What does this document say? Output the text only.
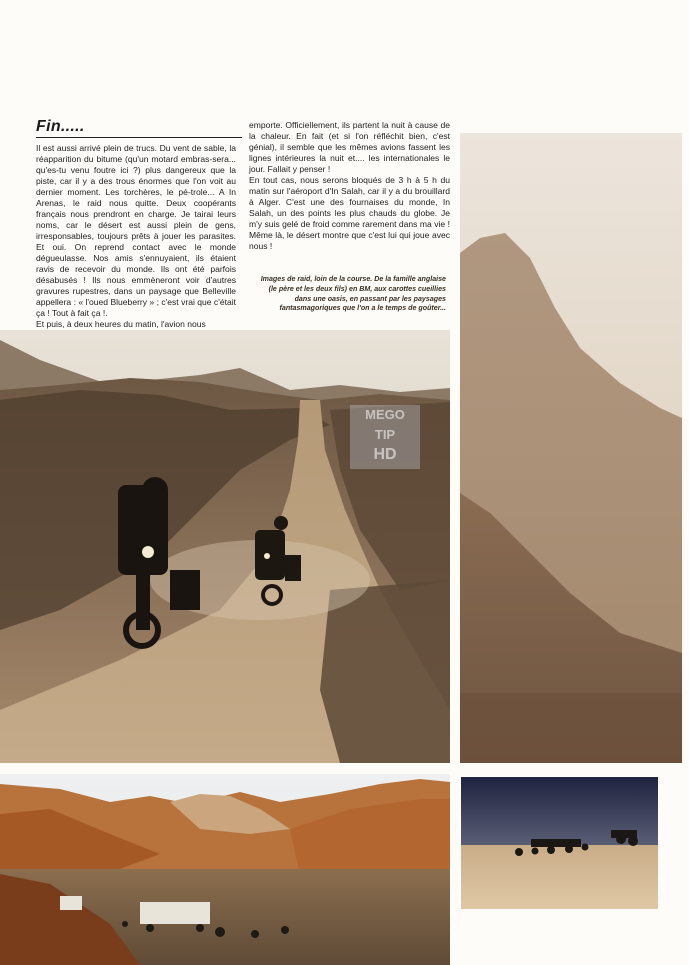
Fin.....
Il est aussi arrivé plein de trucs. Du vent de sable, la réapparition du bitume (qu'un motard embras-sera... qu'es-tu venu foutre ici ?) plus dangereux que la piste, car il y a des trous énormes que l'on voit au dernier moment. Les torchères, le pé-trole... A In Arenas, le raid nous quitte. Deux coopérants français nous prendront en charge. Je tairai leurs noms, car le désert est aussi plein de gens, irresponsables, toujours prêts à jouer les parasites. Et oui. On reprend contact avec le monde dégueulasse. Nos amis s'ennuyaient, ils étaient ravis de recevoir du monde. Ils ont été parfois désabusés ! Ils nous emmèneront voir d'autres gravures rupestres, dans un paysage que Belleville appellera : « l'oued Blueberry » ; c'est vrai que c'était ça ! Tout à fait ça !.
Et puis, à deux heures du matin, l'avion nous
emporte. Officiellement, ils partent la nuit à cause de la chaleur. En fait (et si l'on réfléchit bien, c'est génial), il semble que les mêmes avions fassent les lignes intérieures la nuit et.... les internationales le jour. Fallait y penser !
En tout cas, nous serons bloqués de 3 h à 5 h du matin sur l'aéroport d'In Salah, car il y a du brouillard à Alger. C'est une des fournaises du monde, In Salah, un des points les plus chauds du globe. Je m'y suis gelé de froid comme rarement dans ma vie ! Même là, le désert montre que c'est lui qui joue avec nous !
Images de raid, loin de la course. De la famille anglaise (le père et les deux fils) en BM, aux carottes cueillies dans une oasis, en passant par les paysages fantasmagoriques que l'on a le temps de goûter...
MEGO
TIP
HD
